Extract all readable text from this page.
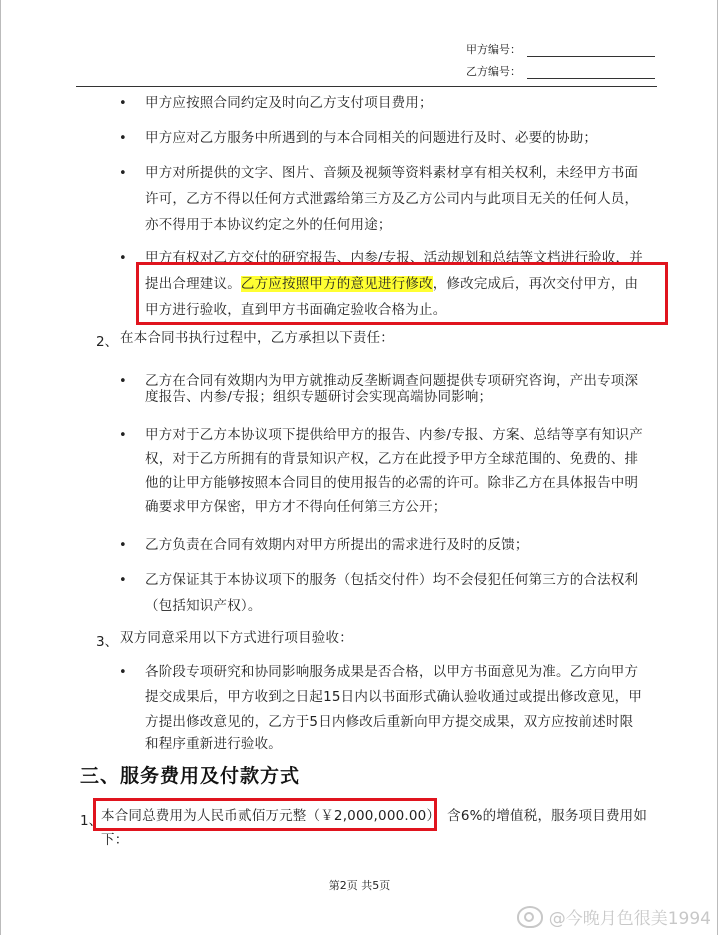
甲方编号：
乙方编号：
• 甲方应按照合同约定及时向乙方支付项目费用；
• 甲方应对乙方服务中所遇到的与本合同相关的问题进行及时、必要的协助；
• 甲方对所提供的文字、图片、音频及视频等资料素材享有相关权利，未经甲方书面
许可，乙方不得以任何方式泄露给第三方及乙方公司内与此项目无关的任何人员，
亦不得用于本协议约定之外的任何用途；
• 甲方有权对乙方交付的研究报告、内参/专报、活动规划和总结等文档进行验收，并
提出合理建议。乙方应按照甲方的意见进行修改，修改完成后，再次交付甲方，由
甲方进行验收，直到甲方书面确定验收合格为止。
2、 在本合同书执行过程中，乙方承担以下责任：
• 乙方在合同有效期内为甲方就推动反垄断调查问题提供专项研究咨询，产出专项深
度报告、内参/专报；组织专题研讨会实现高端协同影响；
• 甲方对于乙方本协议项下提供给甲方的报告、内参/专报、方案、总结等享有知识产
权，对于乙方所拥有的背景知识产权，乙方在此授予甲方全球范围的、免费的、排
他的让甲方能够按照本合同目的使用报告的必需的许可。除非乙方在具体报告中明
确要求甲方保密，甲方才不得向任何第三方公开；
• 乙方负责在合同有效期内对甲方所提出的需求进行及时的反馈；
• 乙方保证其于本协议项下的服务（包括交付件）均不会侵犯任何第三方的合法权利
（包括知识产权）。
3、 双方同意采用以下方式进行项目验收：
• 各阶段专项研究和协同影响服务成果是否合格，以甲方书面意见为准。乙方向甲方
提交成果后，甲方收到之日起15日内以书面形式确认验收通过或提出修改意见，甲
方提出修改意见的，乙方于5日内修改后重新向甲方提交成果，双方应按前述时限
和程序重新进行验收。
三、服务费用及付款方式
1、
本合同总费用为人民币贰佰万元整（￥2,000,000.00），含6%的增值税，服务项目费用如
下：
第2页 共5页
@今晚月色很美1994
